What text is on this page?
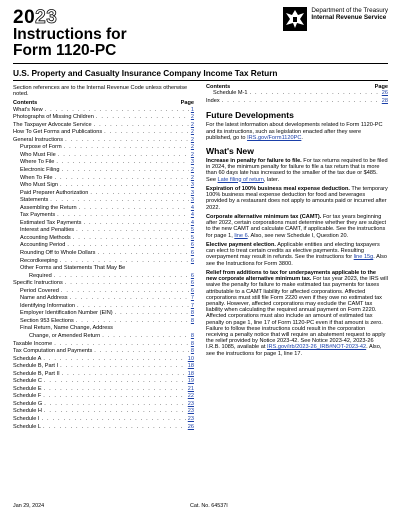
2023
Instructions for
Form 1120-PC
Department of the Treasury
Internal Revenue Service
U.S. Property and Casualty Insurance Company Income Tax Return
Section references are to the Internal Revenue Code unless otherwise noted.
Contents	Page
What's New . . .	1
Photographs of Missing Children . . .	2
The Taxpayer Advocate Service . . .	2
How To Get Forms and Publications . . .	2
General Instructions . . .	2
Purpose of Form . . .	2
Who Must File . . .	2
Where To File . . .	3
Electronic Filing . . .	2
When To File . . .	2
Who Must Sign . . .	3
Paid Preparer Authorization . . .	3
Statements . . .	3
Assembling the Return . . .	4
Tax Payments . . .	4
Estimated Tax Payments . . .	4
Interest and Penalties . . .	5
Accounting Methods . . .	5
Accounting Period . . .	6
Rounding Off to Whole Dollars . . .	6
Recordkeeping . . .	6
Other Forms and Statements That May Be
Required . . .	6
Specific Instructions . . .	6
Period Covered . . .	6
Name and Address . . .	7
Identifying Information . . .	7
Employer Identification Number (EIN) . . .	8
Section 953 Elections . . .	8
Final Return, Name Change, Address
Change, or Amended Return . . .	8
Taxable Income . . .	8
Tax Computation and Payments . . .	8
Schedule A . . .	10
Schedule B, Part I . . .	18
Schedule B, Part II . . .	18
Schedule C . . .	19
Schedule E . . .	21
Schedule F . . .	22
Schedule G . . .	23
Schedule H . . .	23
Schedule I . . .	23
Schedule L . . .	26
Contents	Page
Schedule M-1 . . .	26
Index . . .	28
Future Developments
For the latest information about developments related to Form 1120-PC and its instructions, such as legislation enacted after they were published, go to IRS.gov/Form1120PC.
What's New
Increase in penalty for failure to file. For tax returns required to be filed in 2024, the minimum penalty for failure to file a tax return that is more than 60 days late has increased to the smaller of the tax due or $485. See Late filing of return, later.
Expiration of 100% business meal expense deduction. The temporary 100% business meal expense deduction for food and beverages provided by a restaurant does not apply to amounts paid or incurred after 2022.
Corporate alternative minimum tax (CAMT). For tax years beginning after 2022, certain corporations must determine whether they are subject to the new CAMT and calculate CAMT, if applicable. See the instructions for page 1, line 6. Also, see new Schedule I, Question 20.
Elective payment election. Applicable entities and electing taxpayers can elect to treat certain credits as elective payments. Resulting overpayment may result in refunds. See the instructions for line 15g. Also see the Instructions for Form 3800.
Relief from additions to tax for underpayments applicable to the new corporate alternative minimum tax. For tax year 2023, the IRS will waive the penalty for failure to make estimated tax payments for taxes attributable to a CAMT liability for affected corporations. Affected corporations must still file Form 2220 even if they owe no estimated tax penalty. However, affected corporations may exclude the CAMT tax liability when calculating the required annual payment on Form 2220. Affected corporations must also include an amount of estimated tax penalty on page 1, line 17 of Form 1120-PC even if that amount is zero. Failure to follow these instructions could result in the corporation receiving a penalty notice that will require an abatement request to apply the relief provided by Notice 2023-42. See Notice 2023-42, 2023-26 I.R.B. 1085, available at IRS.gov/irb/2023-26_IRB#NOT-2023-42. Also, see the instructions for page 1, line 17.
Jan 29, 2024	Cat. No. 64537I
